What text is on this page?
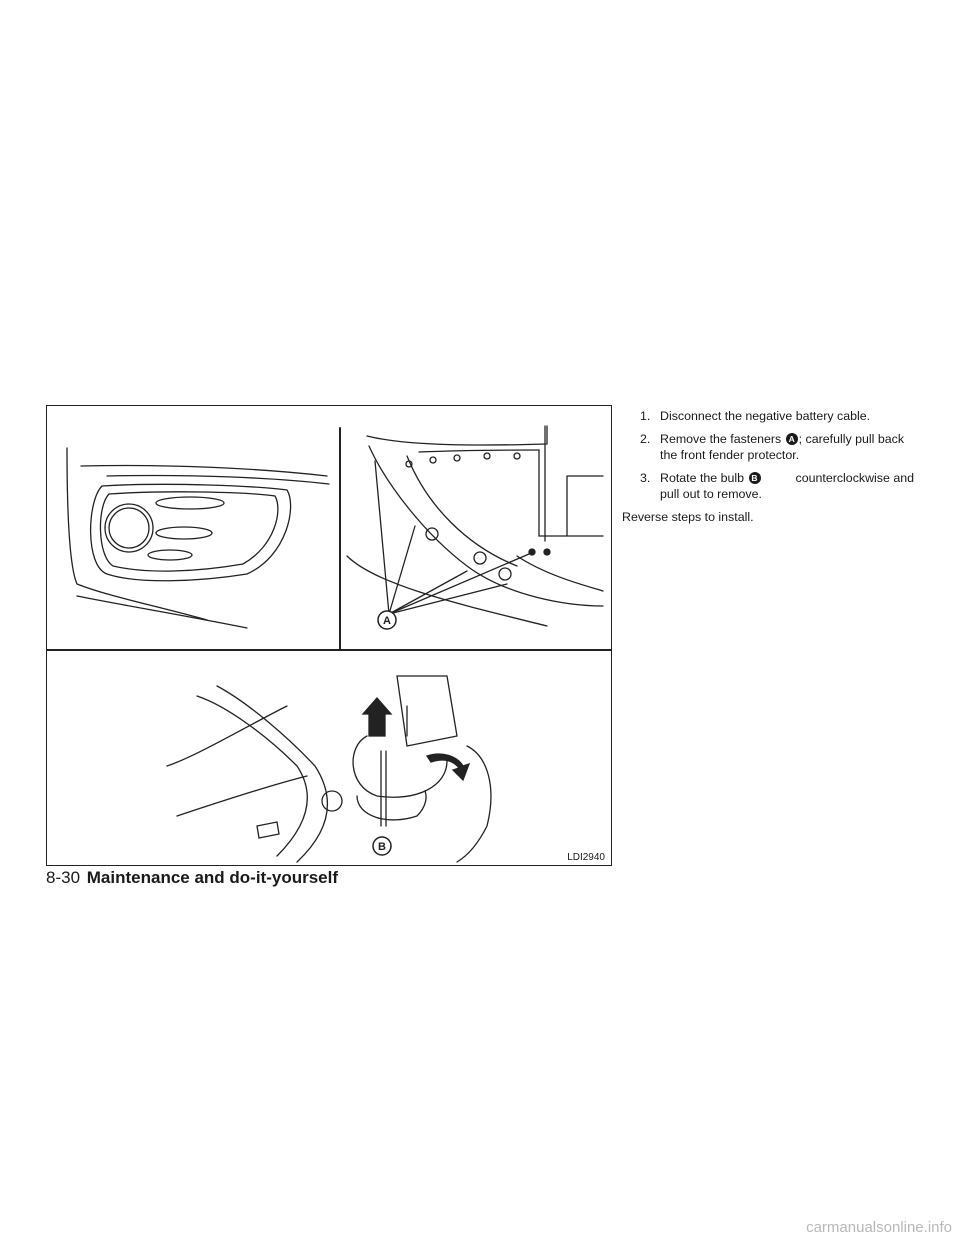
A
B
LDI2940
1. Disconnect the negative battery cable.
2. Remove the fasteners A ; carefully pull back
the front fender protector.
3. Rotate the bulb B	counterclockwise and
pull out to remove.
Reverse steps to install.
8-30 Maintenance and do-it-yourself
carmanualsonline.info
